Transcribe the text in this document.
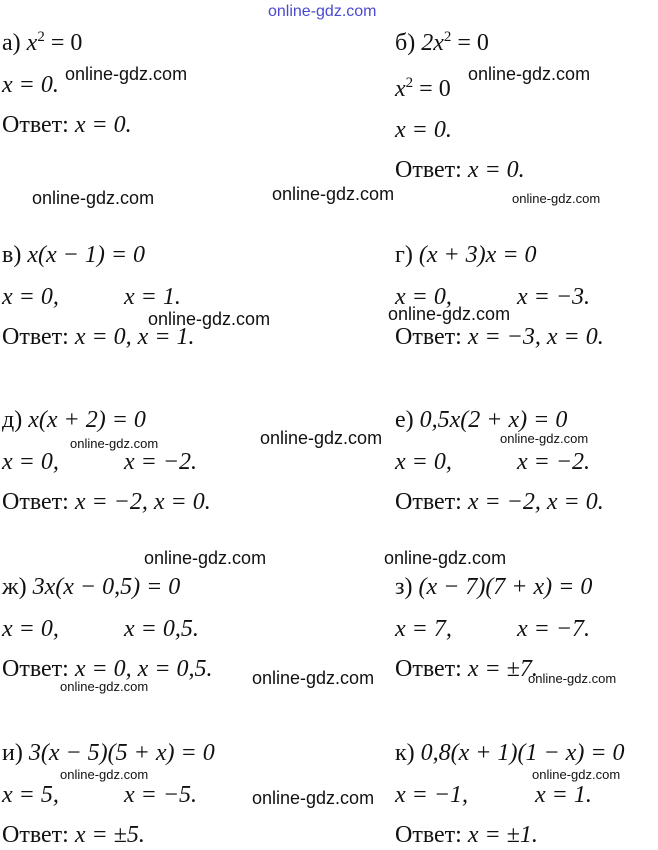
а) $x^2 = 0$
x = 0.
Ответ: x = 0.
б) $2x^2 = 0$
$x^2 = 0$
x = 0.
Ответ: x = 0.
в) x(x − 1) = 0
x = 0,	x = 1.
Ответ: x = 0, x = 1.
г) (x + 3)x = 0
x = 0,	x = −3.
Ответ: x = −3, x = 0.
д) x(x + 2) = 0
x = 0,	x = −2.
Ответ: x = −2, x = 0.
е) 0,5x(2 + x) = 0
x = 0,	x = −2.
Ответ: x = −2, x = 0.
ж) 3x(x − 0,5) = 0
x = 0,	x = 0,5.
Ответ: x = 0, x = 0,5.
з) (x − 7)(7 + x) = 0
x = 7,	x = −7.
Ответ: x = ±7.
и) 3(x − 5)(5 + x) = 0
x = 5,	x = −5.
Ответ: x = ±5.
к) 0,8(x + 1)(1 − x) = 0
x = −1,	x = 1.
Ответ: x = ±1.
online-gdz.com
online-gdz.com	online-gdz.com
online-gdz.com	online-gdz.com	online-gdz.com
online-gdz.com	online-gdz.com
online-gdz.com	online-gdz.com	online-gdz.com
online-gdz.com	online-gdz.com
online-gdz.com	online-gdz.com	online-gdz.com
online-gdz.com
online-gdz.com
online-gdz.com
